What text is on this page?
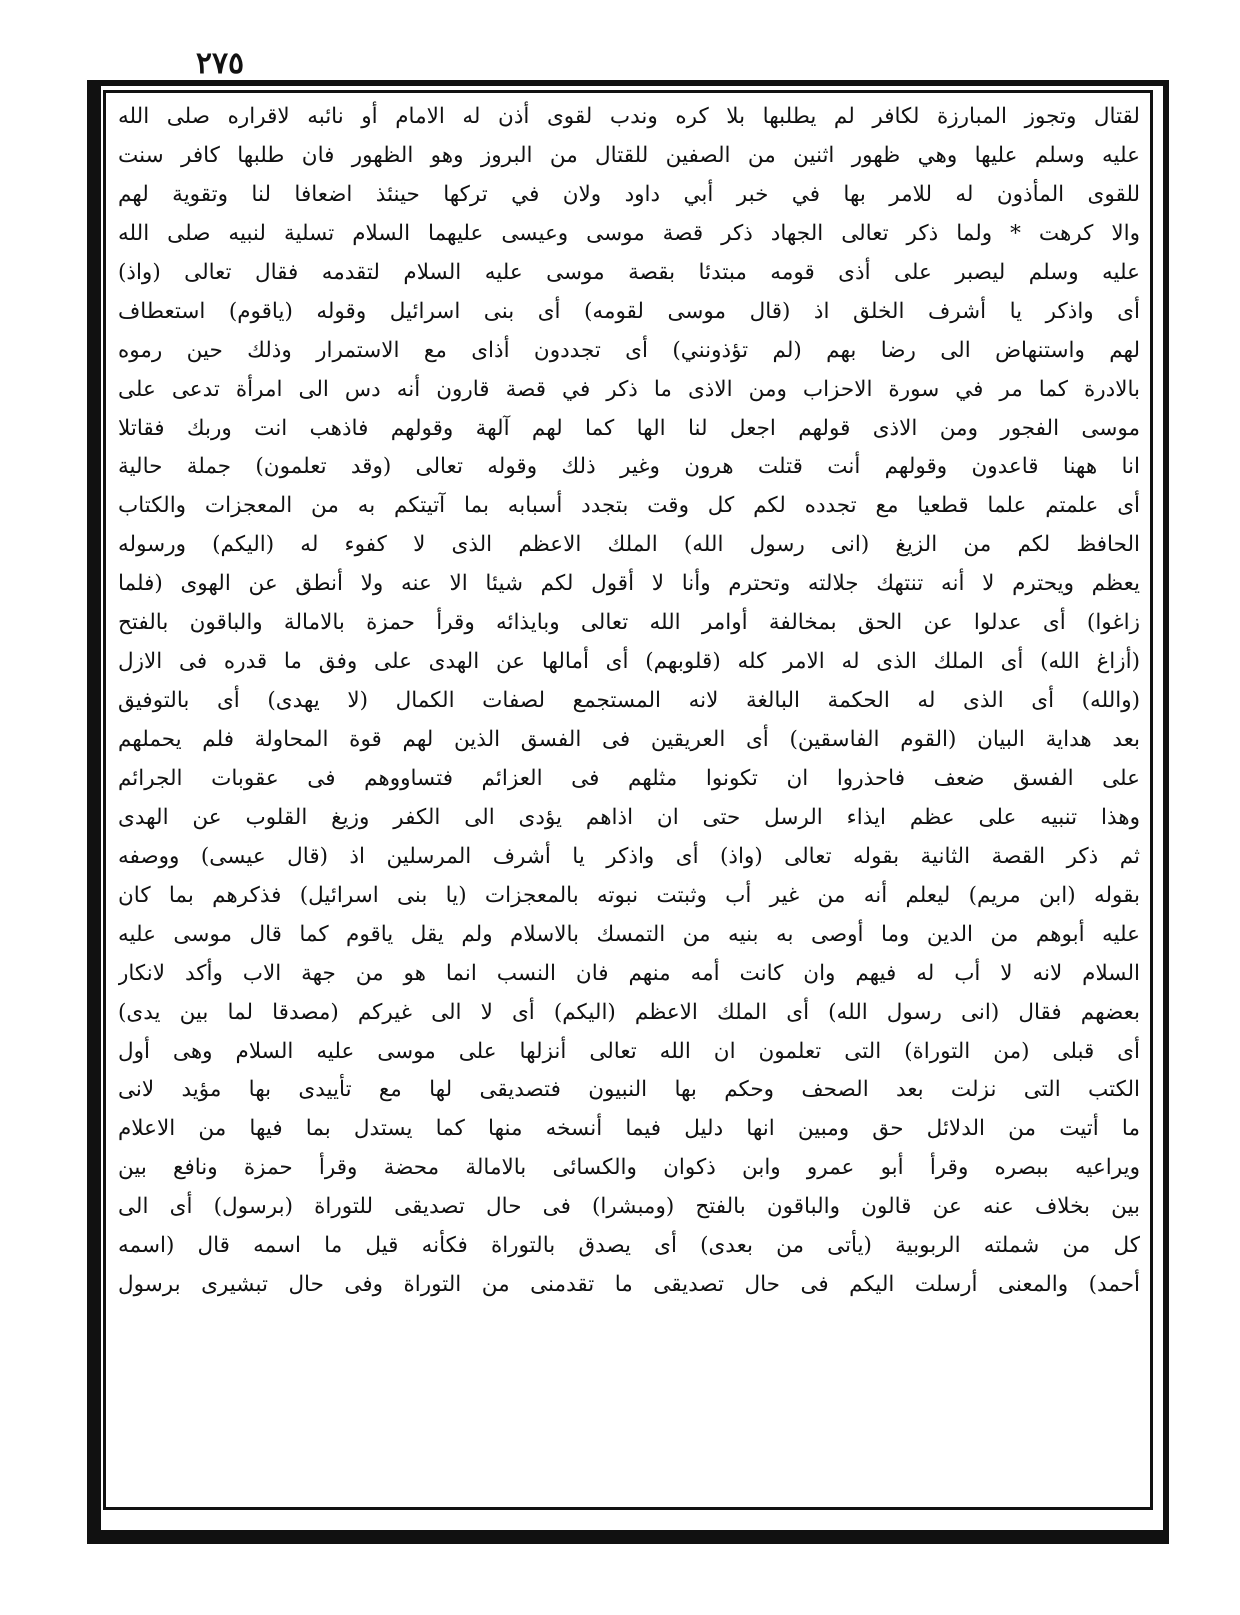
٢٧٥
لقتال وتجوز المبارزة لكافر لم يطلبها بلا كره وندب لقوى أذن له الامام أو نائبه لاقراره صلى الله
عليه وسلم عليها وهي ظهور اثنين من الصفين للقتال من البروز وهو الظهور فان طلبها كافر سنت
للقوى المأذون له للامر بها في خبر أبي داود ولان في تركها حينئذ اضعافا لنا وتقوية لهم
والا كرهت * ولما ذكر تعالى الجهاد ذكر قصة موسى وعيسى عليهما السلام تسلية لنبيه صلى الله
عليه وسلم ليصبر على أذى قومه مبتدئا بقصة موسى عليه السلام لتقدمه فقال تعالى (واذ)
أى واذكر يا أشرف الخلق اذ (قال موسى لقومه) أى بنى اسرائيل وقوله (ياقوم) استعطاف
لهم واستنهاض الى رضا بهم (لم تؤذونني) أى تجددون أذاى مع الاستمرار وذلك حين رموه
بالادرة كما مر في سورة الاحزاب ومن الاذى ما ذكر في قصة قارون أنه دس الى امرأة تدعى على
موسى الفجور ومن الاذى قولهم اجعل لنا الها كما لهم آلهة وقولهم فاذهب انت وربك فقاتلا
انا ههنا قاعدون وقولهم أنت قتلت هرون وغير ذلك وقوله تعالى (وقد تعلمون) جملة حالية
أى علمتم علما قطعيا مع تجدده لكم كل وقت بتجدد أسبابه بما آتيتكم به من المعجزات والكتاب
الحافظ لكم من الزيغ (انى رسول الله) الملك الاعظم الذى لا كفوء له (اليكم) ورسوله
يعظم ويحترم لا أنه تنتهك جلالته وتحترم وأنا لا أقول لكم شيئا الا عنه ولا أنطق عن الهوى (فلما
زاغوا) أى عدلوا عن الحق بمخالفة أوامر الله تعالى وبايذائه وقرأ حمزة بالامالة والباقون بالفتح
(أزاغ الله) أى الملك الذى له الامر كله (قلوبهم) أى أمالها عن الهدى على وفق ما قدره فى الازل
(والله) أى الذى له الحكمة البالغة لانه المستجمع لصفات الكمال (لا يهدى) أى بالتوفيق
بعد هداية البيان (القوم الفاسقين) أى العريقين فى الفسق الذين لهم قوة المحاولة فلم يحملهم
على الفسق ضعف فاحذروا ان تكونوا مثلهم فى العزائم فتساووهم فى عقوبات الجرائم
وهذا تنبيه على عظم ايذاء الرسل حتى ان اذاهم يؤدى الى الكفر وزيغ القلوب عن الهدى
ثم ذكر القصة الثانية بقوله تعالى (واذ) أى واذكر يا أشرف المرسلين اذ (قال عيسى) ووصفه
بقوله (ابن مريم) ليعلم أنه من غير أب وثبتت نبوته بالمعجزات (يا بنى اسرائيل) فذكرهم بما كان
عليه أبوهم من الدين وما أوصى به بنيه من التمسك بالاسلام ولم يقل ياقوم كما قال موسى عليه
السلام لانه لا أب له فيهم وان كانت أمه منهم فان النسب انما هو من جهة الاب وأكد لانكار
بعضهم فقال (انى رسول الله) أى الملك الاعظم (اليكم) أى لا الى غيركم (مصدقا لما بين يدى)
أى قبلى (من التوراة) التى تعلمون ان الله تعالى أنزلها على موسى عليه السلام وهى أول
الكتب التى نزلت بعد الصحف وحكم بها النبيون فتصديقى لها مع تأييدى بها مؤيد لانى
ما أتيت من الدلائل حق ومبين انها دليل فيما أنسخه منها كما يستدل بما فيها من الاعلام
ويراعيه ببصره وقرأ أبو عمرو وابن ذكوان والكسائى بالامالة محضة وقرأ حمزة ونافع بين
بين بخلاف عنه عن قالون والباقون بالفتح (ومبشرا) فى حال تصديقى للتوراة (برسول) أى الى
كل من شملته الربوبية (يأتى من بعدى) أى يصدق بالتوراة فكأنه قيل ما اسمه قال (اسمه
أحمد) والمعنى أرسلت اليكم فى حال تصديقى ما تقدمنى من التوراة وفى حال تبشيرى برسول
